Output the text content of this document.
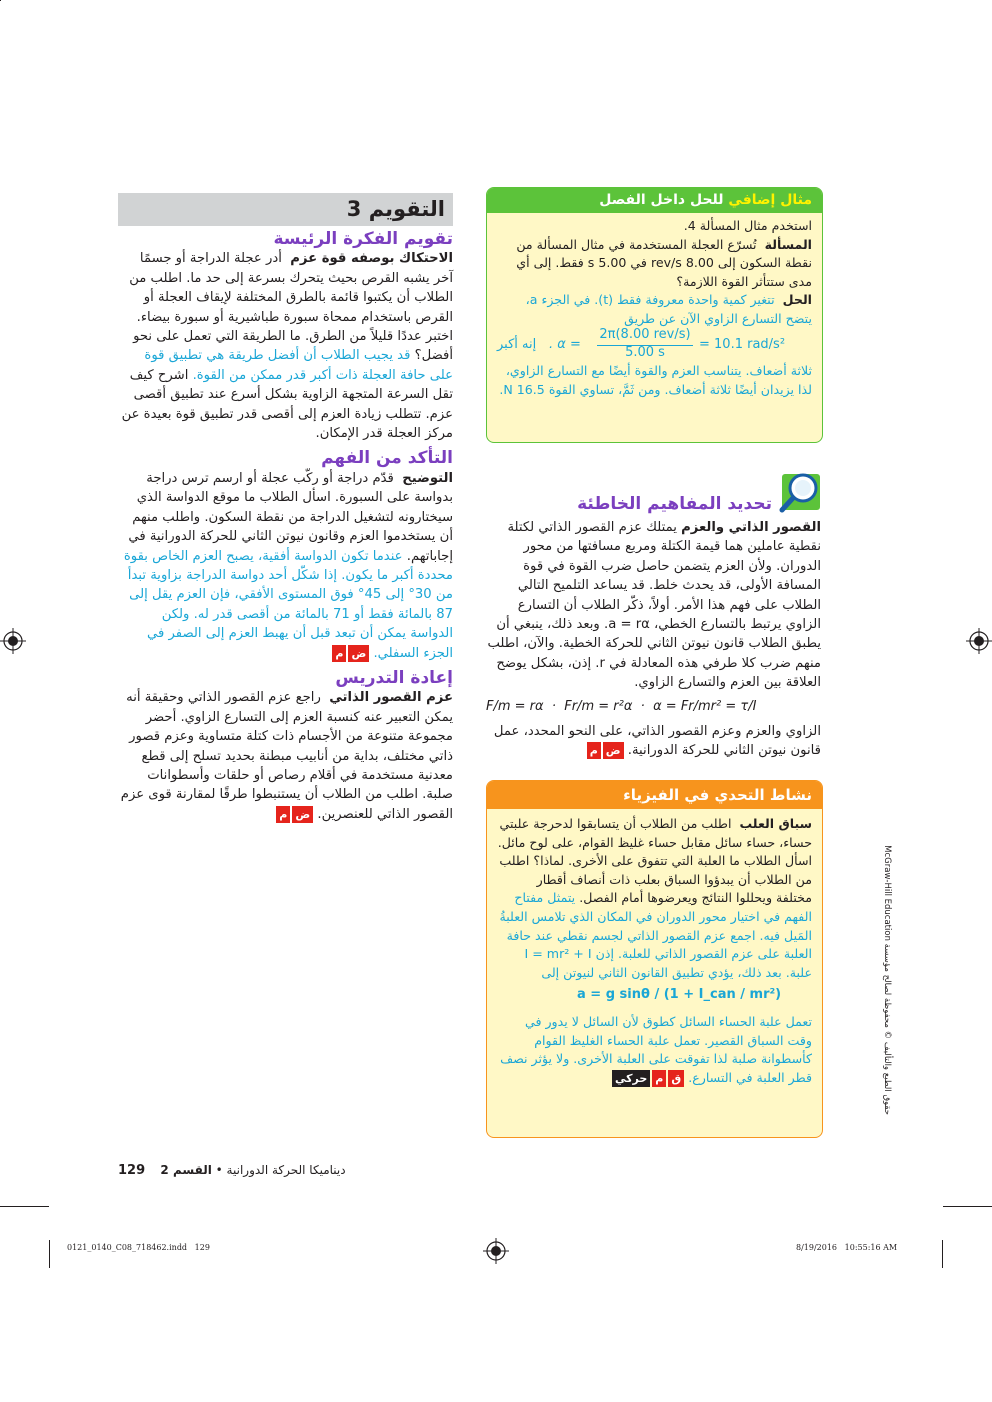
التقويم 3
تقويم الفكرة الرئيسة

الاحتكاك بوصفه قوة عزم  أدر عجلة الدراجة أو جسمًا آخر يشبه القرص بحيث يتحرك بسرعة إلى حد ما. اطلب من الطلاب أن يكتبوا قائمة بالطرق المختلفة لإيقاف العجلة أو القرص باستخدام ممحاة سبورة طباشيرية أو سبورة بيضاء. اختبر عددًا قليلاً من الطرق. ما الطريقة التي تعمل على نحو أفضل؟ قد يجيب الطلاب أن أفضل طريقة هي تطبيق قوة على حافة العجلة ذات أكبر قدر ممكن من القوة. اشرح كيف تقل السرعة المتجهة الزاوية بشكل أسرع عند تطبيق أقصى عزم. تتطلب زيادة العزم إلى أقصى قدر تطبيق قوة بعيدة عن مركز العجلة قدر الإمكان.

التأكد من الفهم

التوضيح  قدّم دراجة أو ركّب عجلة أو ارسم ترس دراجة بدواسة على السبورة. اسأل الطلاب ما موقع الدواسة الذي سيختارونه لتشغيل الدراجة من نقطة السكون. واطلب منهم أن يستخدموا العزم وقانون نيوتن الثاني للحركة الدورانية في إجاباتهم. عندما تكون الدواسة أفقية، يصبح العزم الخاص بقوة محددة أكبر ما يكون. إذا شكّل أحد دواسة الدراجة بزاوية تبدأ من 30° إلى 45° فوق المستوى الأفقي، فإن العزم يقل إلى 87 بالمائة فقط أو 71 بالمائة من أقصى قدر له. ولكن الدواسة يمكن أن تبعد قبل أن يهبط العزم إلى الصفر في الجزء السفلي. ضم

إعادة التدريس

عزم القصور الذاتي  راجع عزم القصور الذاتي وحقيقة أنه يمكن التعبير عنه كنسبة العزم إلى التسارع الزاوي. أحضر مجموعة متنوعة من الأجسام ذات كتلة متساوية وعزم قصور ذاتي مختلف، بداية من أنابيب مبطنة بحديد تسلح إلى قطع معدنية مستخدمة في أقلام رصاص أو حلقات وأسطوانات صلبة. اطلب من الطلاب أن يستنبطوا طرقًا لمقارنة قوى عزم القصور الذاتي للعنصرين. ضم

مثال إضافي للحل داخل الفصل

استخدم مثال المسألة 4.

المسألة  تُسرّع العجلة المستخدمة في مثال المسألة من نقطة السكون إلى 8.00 rev/s في 5.00 s فقط. إلى أي مدى ستتأثر القوة اللازمة؟

الحل  تتغير كمية واحدة معروفة فقط (t). في الجزء a، يتضح التسارع الزاوي الآن عن طريق

إنه أكبر . α =
2π(8.00 rev/s)
5.00 s
= 10.1 rad/s²

ثلاثة أضعاف. يتناسب العزم والقوة أيضًا مع التسارع الزاوي، لذا يزيدان أيضًا ثلاثة أضعاف. ومن ثَمَّ، تساوي القوة 16.5 N.

تحديد المفاهيم الخاطئة

القصور الذاتي والعزم يمتلك عزم القصور الذاتي لكتلة نقطية عاملين هما قيمة الكتلة ومربع مسافتها من محور الدوران. ولأن العزم يتضمن حاصل ضرب القوة في قوة المسافة الأولى، قد يحدث خلط. قد يساعد التلميح التالي الطلاب على فهم هذا الأمر. أولاً، ذكّر الطلاب أن التسارع الزاوي يرتبط بالتسارع الخطي، a = rα. وبعد ذلك، ينبغي أن يطبق الطلاب قانون نيوتن الثاني للحركة الخطية. والآن، اطلب منهم ضرب كلا طرفي هذه المعادلة في r. إذن، بشكل يوضح العلاقة بين العزم والتسارع الزاوي.

F/m = rα  ·  Fr/m = r²α  ·  α = Fr/mr² = τ/I

الزاوي والعزم وعزم القصور الذاتي، على النحو المحدد، عمل قانون نيوتن الثاني للحركة الدورانية. ضم

نشاط التحدي في الفيزياء

سباق العلب  اطلب من الطلاب أن يتسابقوا لدحرجة علبتي حساء، حساء سائل مقابل حساء غليظ القوام، على لوح مائل. اسأل الطلاب ما العلبة التي تتفوق على الأخرى. لماذا؟ اطلب من الطلاب أن يبدؤوا السباق بعلب ذات أنصاف أقطار مختلفة ويحللوا النتائج ويعرضوها أمام الفصل. يتمثل مفتاح الفهم في اختيار محور الدوران في المكان الذي تلامس العلبةُ المَيل فيه. اجمع عزم القصور الذاتي لجسم نقطي عند حافة العلبة على عزم القصور الذاتي للعلبة. إذن I = mr² + I علبة. بعد ذلك، يؤدي تطبيق القانون الثاني لنيوتن إلى

a = g sinθ / (1 + I_can / mr²)

تعمل علبة الحساء السائل كطوق لأن السائل لا يدور في وقت السباق القصير. تعمل علبة الحساء الغليظ القوام كأسطوانة صلبة لذا تفوقت على العلبة الأخرى. ولا يؤثر نصف قطر العلبة في التسارع. قمحركي

حقوق الطبع والتأليف © محفوظة لصالح مؤسسة McGraw-Hill Education
129	ديناميكا الحركة الدورانية • القسم 2
0121_0140_C08_718462.indd   129	8/19/2016   10:55:16 AM
